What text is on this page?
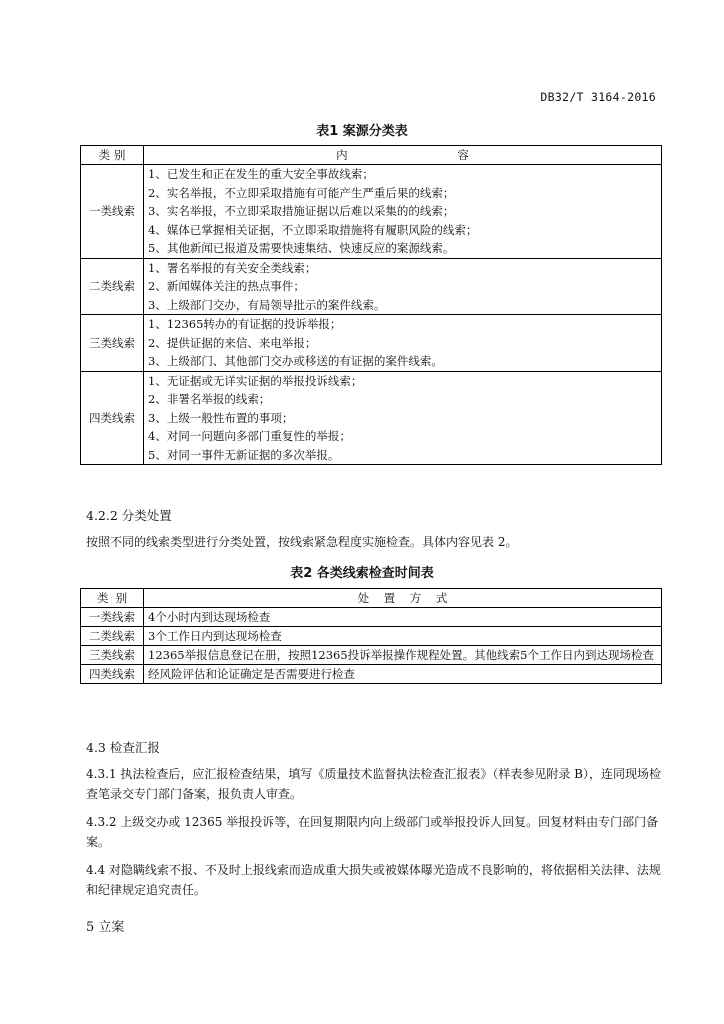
DB32/T 3164-2016
表1 案源分类表
类 别	内                              容
一类线索	1、已发生和正在发生的重大安全事故线索；
2、实名举报，不立即采取措施有可能产生严重后果的线索；
3、实名举报，不立即采取措施证据以后难以采集的的线索；
4、媒体已掌握相关证据，不立即采取措施将有履职风险的线索；
5、其他新闻已报道及需要快速集结、快速反应的案源线索。

二类线索	1、署名举报的有关安全类线索；
2、新闻媒体关注的热点事件；
3、上级部门交办，有局领导批示的案件线索。

三类线索	1、12365转办的有证据的投诉举报；
2、提供证据的来信、来电举报；
3、上级部门、其他部门交办或移送的有证据的案件线索。

四类线索	1、无证据或无详实证据的举报投诉线索；
2、非署名举报的线索；
3、上级一般性布置的事项；
4、对同一问题向多部门重复性的举报；
5、对同一事件无新证据的多次举报。
4.2.2 分类处置
按照不同的线索类型进行分类处置，按线索紧急程度实施检查。具体内容见表 2。
表2 各类线索检查时间表
类  别	处    置    方    式
一类线索	4个小时内到达现场检查
二类线索	3个工作日内到达现场检查
三类线索	12365举报信息登记在册，按照12365投诉举报操作规程处置。其他线索5个工作日内到达现场检查
四类线索	经风险评估和论证确定是否需要进行检查
4.3 检查汇报
4.3.1 执法检查后，应汇报检查结果，填写《质量技术监督执法检查汇报表》（样表参见附录 B），连同现场检查笔录交专门部门备案，报负责人审查。
4.3.2 上级交办或 12365 举报投诉等，在回复期限内向上级部门或举报投诉人回复。回复材料由专门部门备案。
4.4 对隐瞒线索不报、不及时上报线索而造成重大损失或被媒体曝光造成不良影响的，将依据相关法律、法规和纪律规定追究责任。
5 立案
